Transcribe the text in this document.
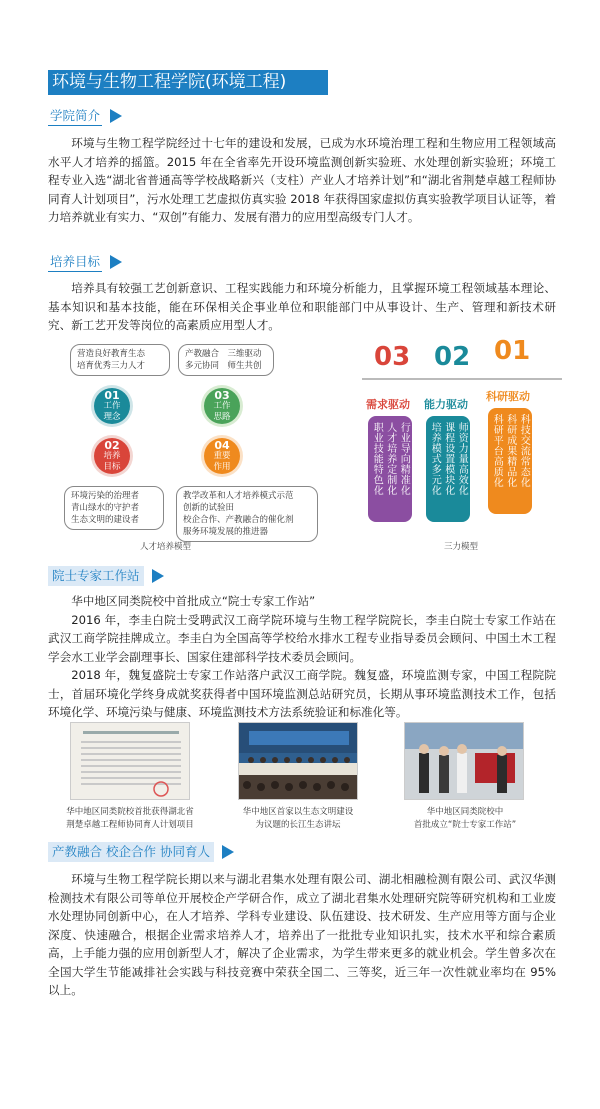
环境与生物工程学院(环境工程)
学院简介

环境与生物工程学院经过十七年的建设和发展，已成为水环境治理工程和生物应用工程领域高水平人才培养的摇篮。2015 年在全省率先开设环境监测创新实验班、水处理创新实验班；环境工程专业入选“湖北省普通高等学校战略新兴（支柱）产业人才培养计划”和“湖北省荆楚卓越工程师协同育人计划项目”，污水处理工艺虚拟仿真实验 2018 年获得国家虚拟仿真实验教学项目认证等，着力培养就业有实力、“双创”有能力、发展有潜力的应用型高级专门人才。

培养目标

培养具有较强工艺创新意识、工程实践能力和环境分析能力，且掌握环境工程领域基本理论、基本知识和基本技能，能在环保相关企事业单位和职能部门中从事设计、生产、管理和新技术研究、新工艺开发等岗位的高素质应用型人才。

营造良好教育生态
培育优秀三力人才
产教融合　三维驱动
多元协同　师生共创
01
工作
理念
03
工作
思路
02
培养
目标
04
重要
作用
环境污染的治理者
青山绿水的守护者
生态文明的建设者
教学改革和人才培养模式示范
创新的试验田
校企合作、产教融合的催化剂
服务环境发展的推进器
人才培养模型
03 02 01
需求驱动 能力驱动
科研驱动
职业技能特色化 人才培养定制化 行业导向精准化 培养模式多元化 课程设置模块化 师资力量高效化 科研平台高质化 科研成果精品化 科技交流常态化
三力模型
院士专家工作站

华中地区同类院校中首批成立“院士专家工作站”

2016 年，李圭白院士受聘武汉工商学院环境与生物工程学院院长，李圭白院士专家工作站在武汉工商学院挂牌成立。李圭白为全国高等学校给水排水工程专业指导委员会顾问、中国土木工程学会水工业学会副理事长、国家住建部科学技术委员会顾问。

2018 年，魏复盛院士专家工作站落户武汉工商学院。魏复盛，环境监测专家，中国工程院院士，首届环境化学终身成就奖获得者中国环境监测总站研究员，长期从事环境监测技术工作，包括环境化学、环境污染与健康、环境监测技术方法系统验证和标准化等。

华中地区同类院校首批获得湖北省
荆楚卓越工程师协同育人计划项目
华中地区首家以生态文明建设
为议题的长江生态讲坛
华中地区同类院校中
首批成立“院士专家工作站”
产教融合 校企合作 协同育人

环境与生物工程学院长期以来与湖北君集水处理有限公司、湖北相融检测有限公司、武汉华测检测技术有限公司等单位开展校企产学研合作，成立了湖北君集水处理研究院等研究机构和工业废水处理协同创新中心，在人才培养、学科专业建设、队伍建设、技术研发、生产应用等方面与企业深度、快速融合，根据企业需求培养人才，培养出了一批批专业知识扎实，技术水平和综合素质高，上手能力强的应用创新型人才，解决了企业需求，为学生带来更多的就业机会。学生曾多次在全国大学生节能减排社会实践与科技竞赛中荣获全国二、三等奖，近三年一次性就业率均在 95% 以上。
